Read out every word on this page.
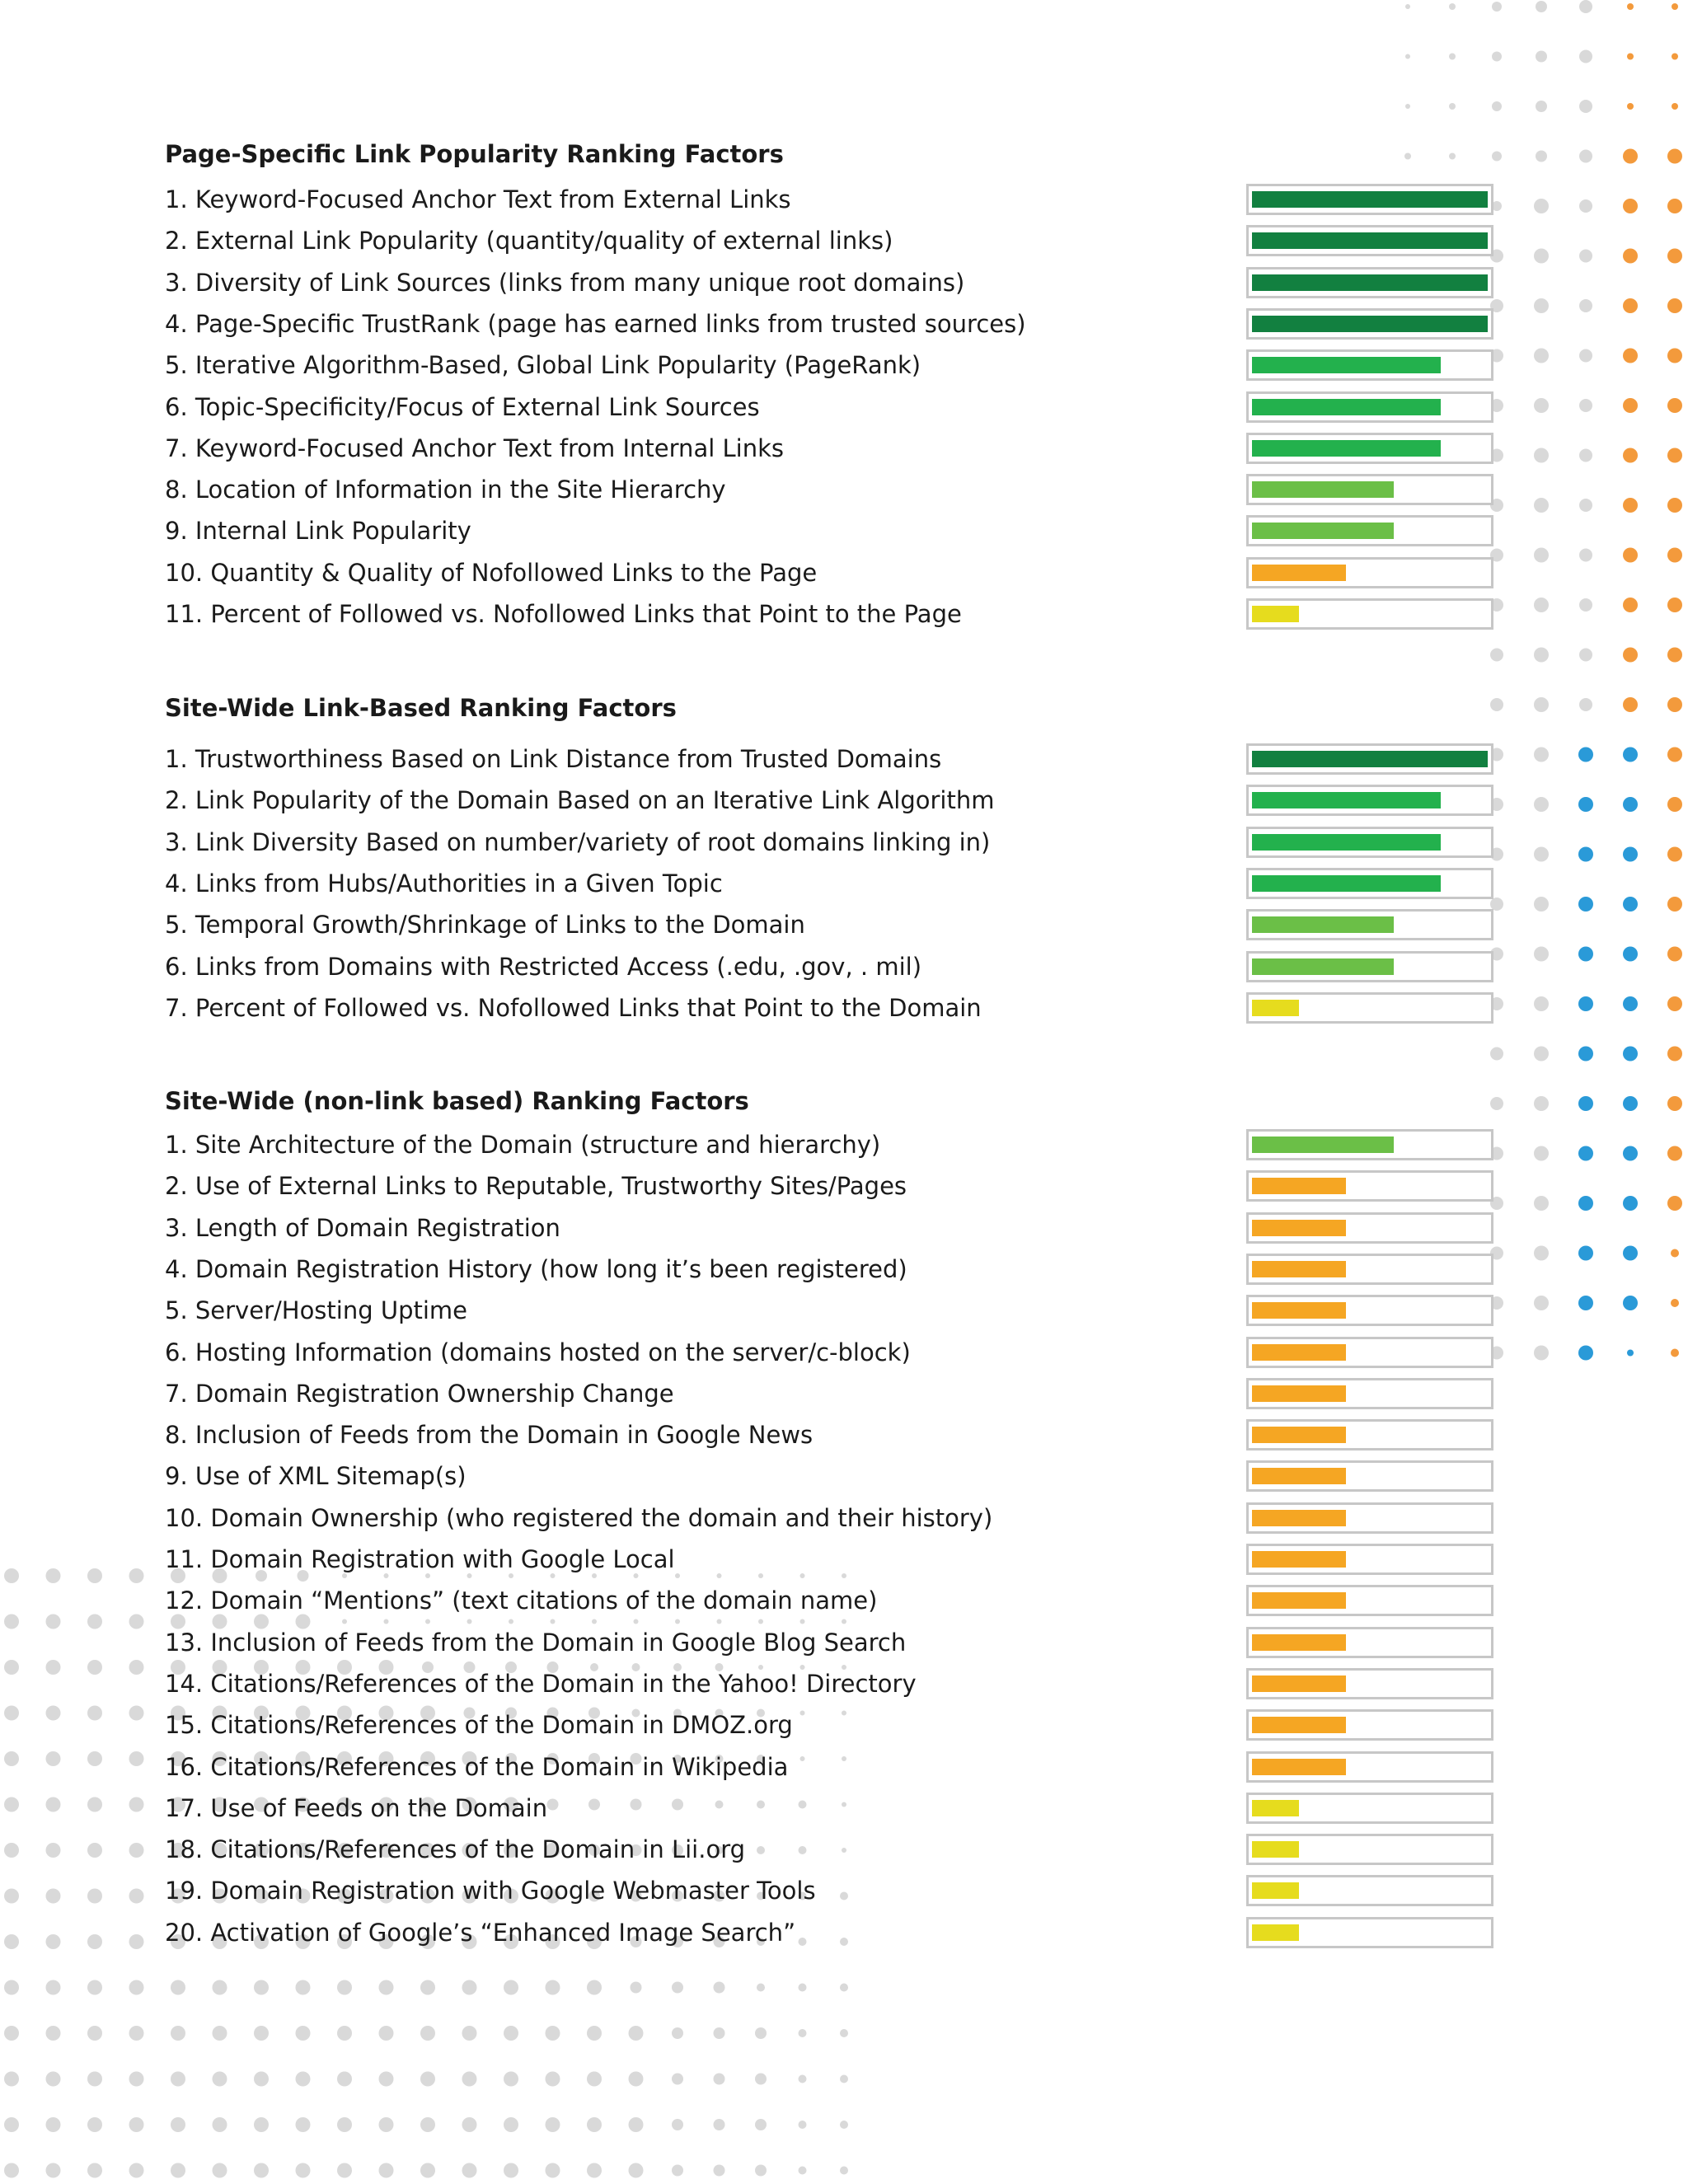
Page-Specific Link Popularity Ranking Factors
1. Keyword-Focused Anchor Text from External Links
2. External Link Popularity (quantity/quality of external links)
3. Diversity of Link Sources (links from many unique root domains)
4. Page-Specific TrustRank (page has earned links from trusted sources)
5. Iterative Algorithm-Based, Global Link Popularity (PageRank)
6. Topic-Specificity/Focus of External Link Sources
7. Keyword-Focused Anchor Text from Internal Links
8. Location of Information in the Site Hierarchy
9. Internal Link Popularity
10. Quantity & Quality of Nofollowed Links to the Page
11. Percent of Followed vs. Nofollowed Links that Point to the Page
Site-Wide Link-Based Ranking Factors
1. Trustworthiness Based on Link Distance from Trusted Domains
2. Link Popularity of the Domain Based on an Iterative Link Algorithm
3. Link Diversity Based on number/variety of root domains linking in)
4. Links from Hubs/Authorities in a Given Topic
5. Temporal Growth/Shrinkage of Links to the Domain
6. Links from Domains with Restricted Access (.edu, .gov, . mil)
7. Percent of Followed vs. Nofollowed Links that Point to the Domain
Site-Wide (non-link based) Ranking Factors
1. Site Architecture of the Domain (structure and hierarchy)
2. Use of External Links to Reputable, Trustworthy Sites/Pages
3. Length of Domain Registration
4. Domain Registration History (how long it’s been registered)
5. Server/Hosting Uptime
6. Hosting Information (domains hosted on the server/c-block)
7. Domain Registration Ownership Change
8. Inclusion of Feeds from the Domain in Google News
9. Use of XML Sitemap(s)
10. Domain Ownership (who registered the domain and their history)
11. Domain Registration with Google Local
12. Domain “Mentions” (text citations of the domain name)
13. Inclusion of Feeds from the Domain in Google Blog Search
14. Citations/References of the Domain in the Yahoo! Directory
15. Citations/References of the Domain in DMOZ.org
16. Citations/References of the Domain in Wikipedia
17. Use of Feeds on the Domain
18. Citations/References of the Domain in Lii.org
19. Domain Registration with Google Webmaster Tools
20. Activation of Google’s “Enhanced Image Search”
